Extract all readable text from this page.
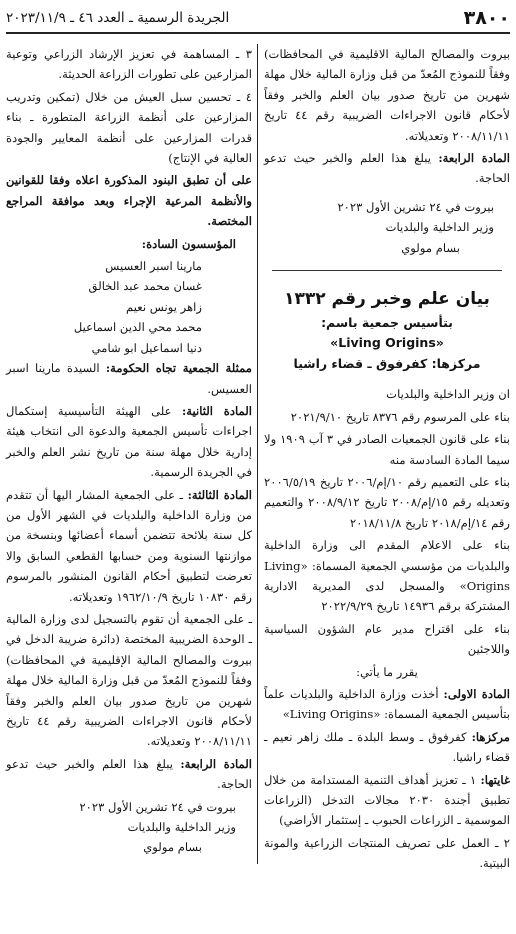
٣٨٠٠
الجريدة الرسمية ـ العدد ٤٦ ـ ٢٠٢٣/١١/٩

بيروت والمصالح المالية الاقليمية في المحافظات) وفقاً للنموذج المُعدّ من قبل وزارة المالية خلال مهلة شهرين من تاريخ صدور بيان العلم والخبر وفقاً لأحكام قانون الاجراءات الضريبية رقم ٤٤ تاريخ ٢٠٠٨/١١/١١ وتعديلاته.

المادة الرابعة: يبلغ هذا العلم والخبر حيث تدعو الحاجة.

بيروت في ٢٤ تشرين الأول ٢٠٢٣

وزير الداخلية والبلديات

بسام مولوي

بيان علم وخبر رقم ١٣٣٢
بتأسيس جمعية باسم:
«Living Origins»
مركزها: كفرفوق ـ قضاء راشيا

ان وزير الداخلية والبلديات

بناء على المرسوم رقم ٨٣٧٦ تاريخ ٢٠٢١/٩/١٠

بناء على قانون الجمعيات الصادر في ٣ آب ١٩٠٩ ولا سيما المادة السادسة منه

بناء على التعميم رقم ١٠/إم/٢٠٠٦ تاريخ ٢٠٠٦/٥/١٩ وتعديله رقم ١٥/إم/٢٠٠٨ تاريخ ٢٠٠٨/٩/١٢ والتعميم رقم ١٤/إم/٢٠١٨ تاريخ ٢٠١٨/١١/٨

بناء على الاعلام المقدم الى وزارة الداخلية والبلديات من مؤسسي الجمعية المسماة: «Living Origins» والمسجل لدى المديرية الادارية المشتركة برقم ١٤٩٣٦ تاريخ ٢٠٢٢/٩/٢٩

بناء على اقتراح مدير عام الشؤون السياسية واللاجئين

يقرر ما يأتي:

المادة الاولى: أخذت وزارة الداخلية والبلديات علماً بتأسيس الجمعية المسماة: «Living Origins»

مركزها: كفرفوق ـ وسط البلدة ـ ملك زاهر نعيم ـ قضاء راشيا.

غايتها: ١ ـ تعزيز أهداف التنمية المستدامة من خلال تطبيق أجندة ٢٠٣٠ مجالات التدخل (الزراعات الموسمية ـ الزراعات الحبوب ـ إستثمار الأراضي)

٢ ـ العمل على تصريف المنتجات الزراعية والمونة البيتية.

٣ ـ المساهمة في تعزيز الإرشاد الزراعي وتوعية المزارعين على تطورات الزراعة الحديثة.

٤ ـ تحسين سبل العيش من خلال (تمكين وتدريب المزارعين على أنظمة الزراعة المتطورة ـ بناء قدرات المزارعين على أنظمة المعايير والجودة العالية في الإنتاج)

على أن تطبق البنود المذكورة اعلاه وفقا للقوانين والأنظمة المرعية الإجراء وبعد موافقة المراجع المختصة.

المؤسسون السادة:

مارينا اسبر العسيس

غسان محمد عبد الخالق

زاهر يونس نعيم

محمد محي الدين اسماعيل

دنيا اسماعيل ابو شامي

ممثلة الجمعية تجاه الحكومة: السيدة مارينا اسبر العسيس.

المادة الثانية: على الهيئة التأسيسية إستكمال اجراءات تأسيس الجمعية والدعوة الى انتخاب هيئة إدارية خلال مهلة سنة من تاريخ نشر العلم والخبر في الجريدة الرسمية.

المادة الثالثة: ـ على الجمعية المشار اليها أن تتقدم من وزارة الداخلية والبلديات في الشهر الأول من كل سنة بلائحة تتضمن أسماء أعضائها وبنسخة من موازنتها السنوية ومن حسابها القطعي السابق والا تعرضت لتطبيق أحكام القانون المنشور بالمرسوم رقم ١٠٨٣٠ تاريخ ١٩٦٢/١٠/٩ وتعديلاته.

ـ على الجمعية أن تقوم بالتسجيل لدى وزارة المالية ـ الوحدة الضريبية المختصة (دائرة ضريبة الدخل في بيروت والمصالح المالية الإقليمية في المحافظات) وفقاً للنموذج المُعدّ من قبل وزارة المالية خلال مهلة شهرين من تاريخ صدور بيان العلم والخبر وفقاً لأحكام قانون الاجراءات الضريبية رقم ٤٤ تاريخ ٢٠٠٨/١١/١١ وتعديلاته.

المادة الرابعة: يبلغ هذا العلم والخبر حيث تدعو الحاجة.

بيروت في ٢٤ تشرين الأول ٢٠٢٣

وزير الداخلية والبلديات

بسام مولوي
